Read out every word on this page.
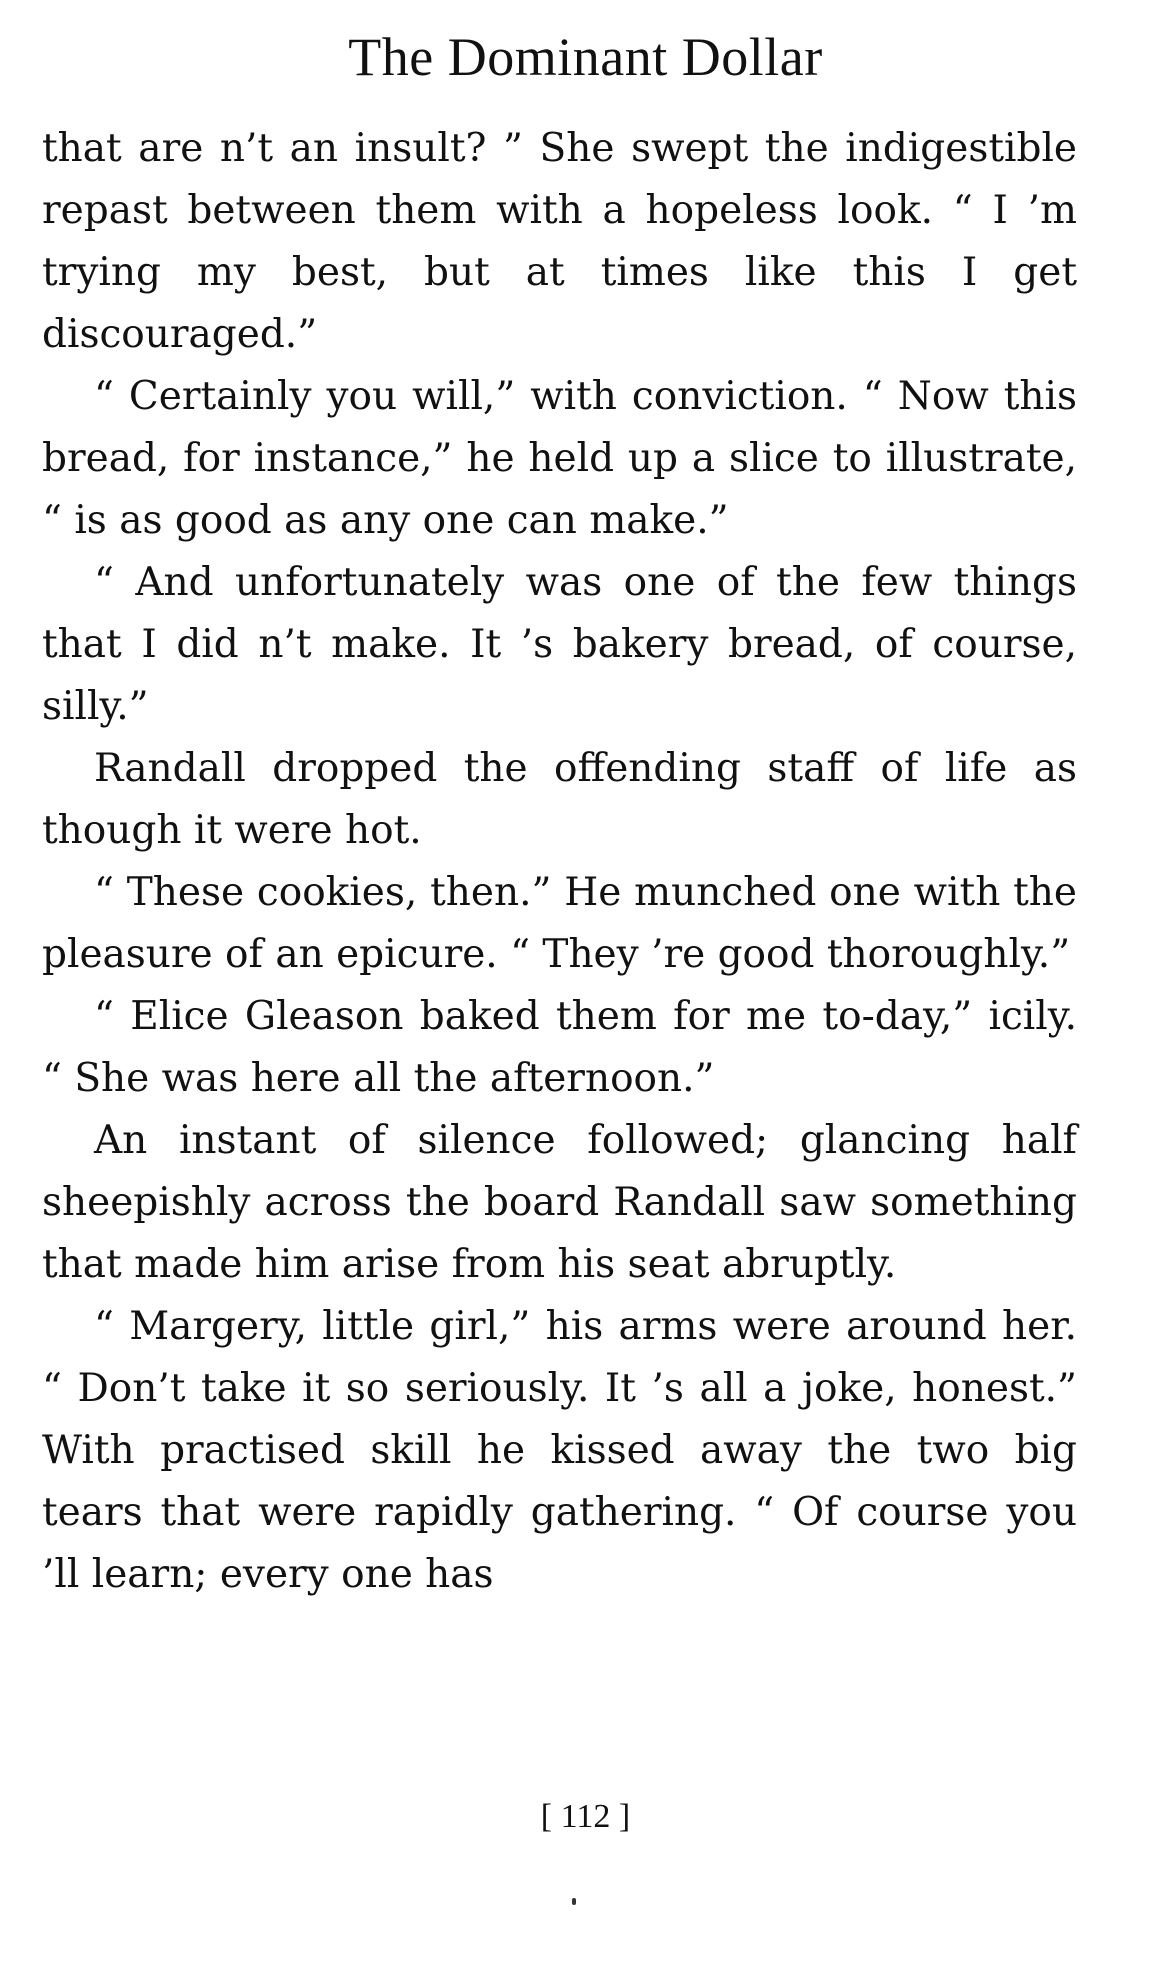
The Dominant Dollar

that are n’t an insult? ” She swept the indigestible repast between them with a hopeless look. “ I ’m trying my best, but at times like this I get discouraged.”

“ Certainly you will,” with conviction. “ Now this bread, for instance,” he held up a slice to illustrate, “ is as good as any one can make.”

“ And unfortunately was one of the few things that I did n’t make. It ’s bakery bread, of course, silly.”

Randall dropped the offending staff of life as though it were hot.

“ These cookies, then.” He munched one with the pleasure of an epicure. “ They ’re good thoroughly.”

“ Elice Gleason baked them for me to-day,” icily. “ She was here all the afternoon.”

An instant of silence followed; glancing half sheepishly across the board Randall saw something that made him arise from his seat abruptly.

“ Margery, little girl,” his arms were around her. “ Don’t take it so seriously. It ’s all a joke, honest.” With practised skill he kissed away the two big tears that were rapidly gathering. “ Of course you ’ll learn; every one has

[ 112 ]
